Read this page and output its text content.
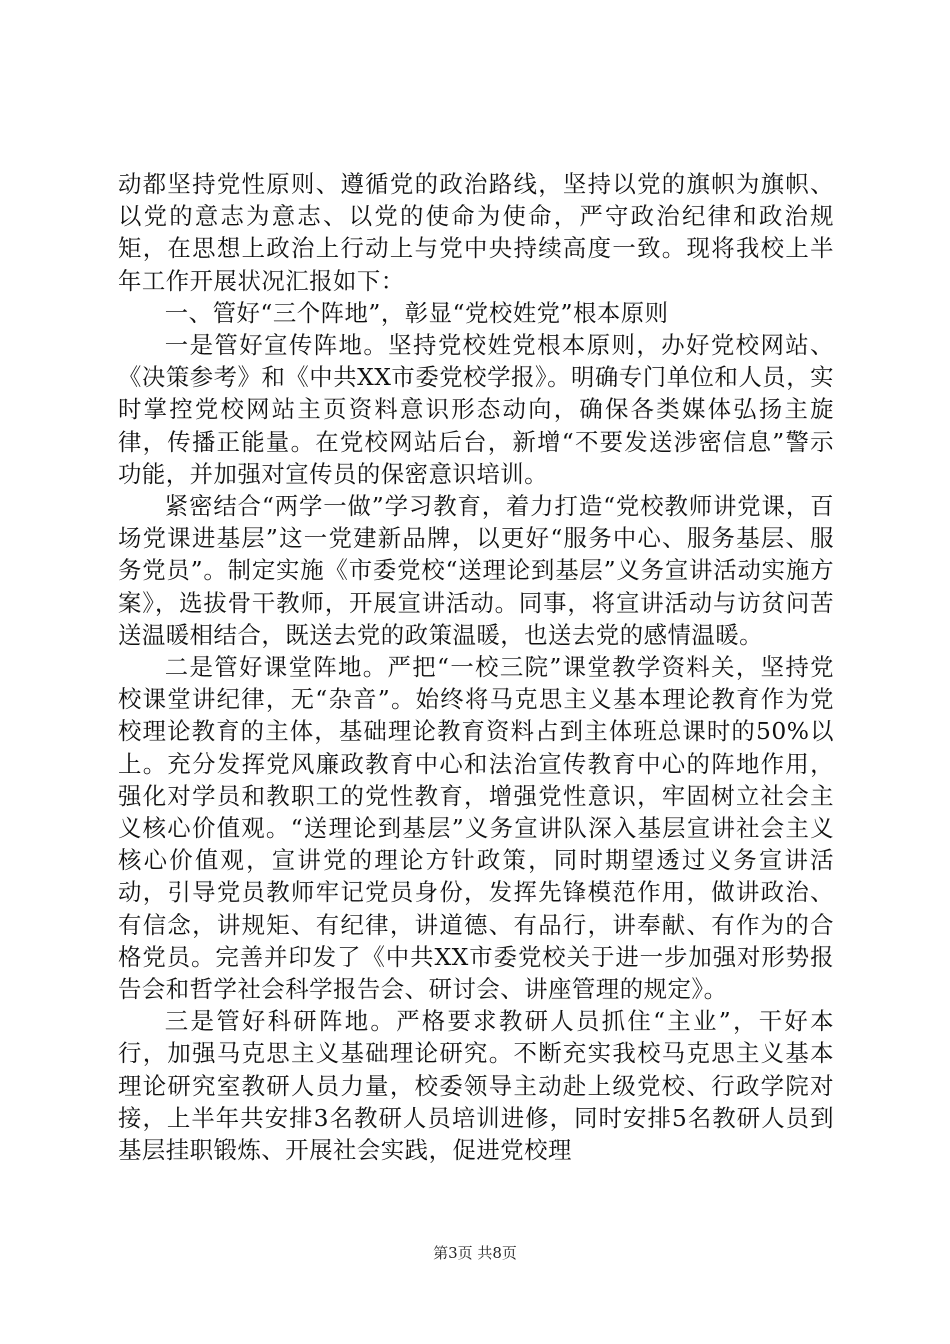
动都坚持党性原则、遵循党的政治路线，坚持以党的旗帜为旗帜、以党的意志为意志、以党的使命为使命，严守政治纪律和政治规矩，在思想上政治上行动上与党中央持续高度一致。现将我校上半年工作开展状况汇报如下：

一、管好“三个阵地”，彰显“党校姓党”根本原则

一是管好宣传阵地。坚持党校姓党根本原则，办好党校网站、《决策参考》和《中共XX市委党校学报》。明确专门单位和人员，实时掌控党校网站主页资料意识形态动向，确保各类媒体弘扬主旋律，传播正能量。在党校网站后台，新增“不要发送涉密信息”警示功能，并加强对宣传员的保密意识培训。

紧密结合“两学一做”学习教育，着力打造“党校教师讲党课，百场党课进基层”这一党建新品牌，以更好“服务中心、服务基层、服务党员”。制定实施《市委党校“送理论到基层”义务宣讲活动实施方案》，选拔骨干教师，开展宣讲活动。同事，将宣讲活动与访贫问苦送温暖相结合，既送去党的政策温暖，也送去党的感情温暖。

二是管好课堂阵地。严把“一校三院”课堂教学资料关，坚持党校课堂讲纪律，无“杂音”。始终将马克思主义基本理论教育作为党校理论教育的主体，基础理论教育资料占到主体班总课时的50%以上。充分发挥党风廉政教育中心和法治宣传教育中心的阵地作用，强化对学员和教职工的党性教育，增强党性意识，牢固树立社会主义核心价值观。“送理论到基层”义务宣讲队深入基层宣讲社会主义核心价值观，宣讲党的理论方针政策，同时期望透过义务宣讲活动，引导党员教师牢记党员身份，发挥先锋模范作用，做讲政治、有信念，讲规矩、有纪律，讲道德、有品行，讲奉献、有作为的合格党员。完善并印发了《中共XX市委党校关于进一步加强对形势报告会和哲学社会科学报告会、研讨会、讲座管理的规定》。

三是管好科研阵地。严格要求教研人员抓住“主业”，干好本行，加强马克思主义基础理论研究。不断充实我校马克思主义基本理论研究室教研人员力量，校委领导主动赴上级党校、行政学院对接，上半年共安排3名教研人员培训进修，同时安排5名教研人员到基层挂职锻炼、开展社会实践，促进党校理

第3页 共8页
